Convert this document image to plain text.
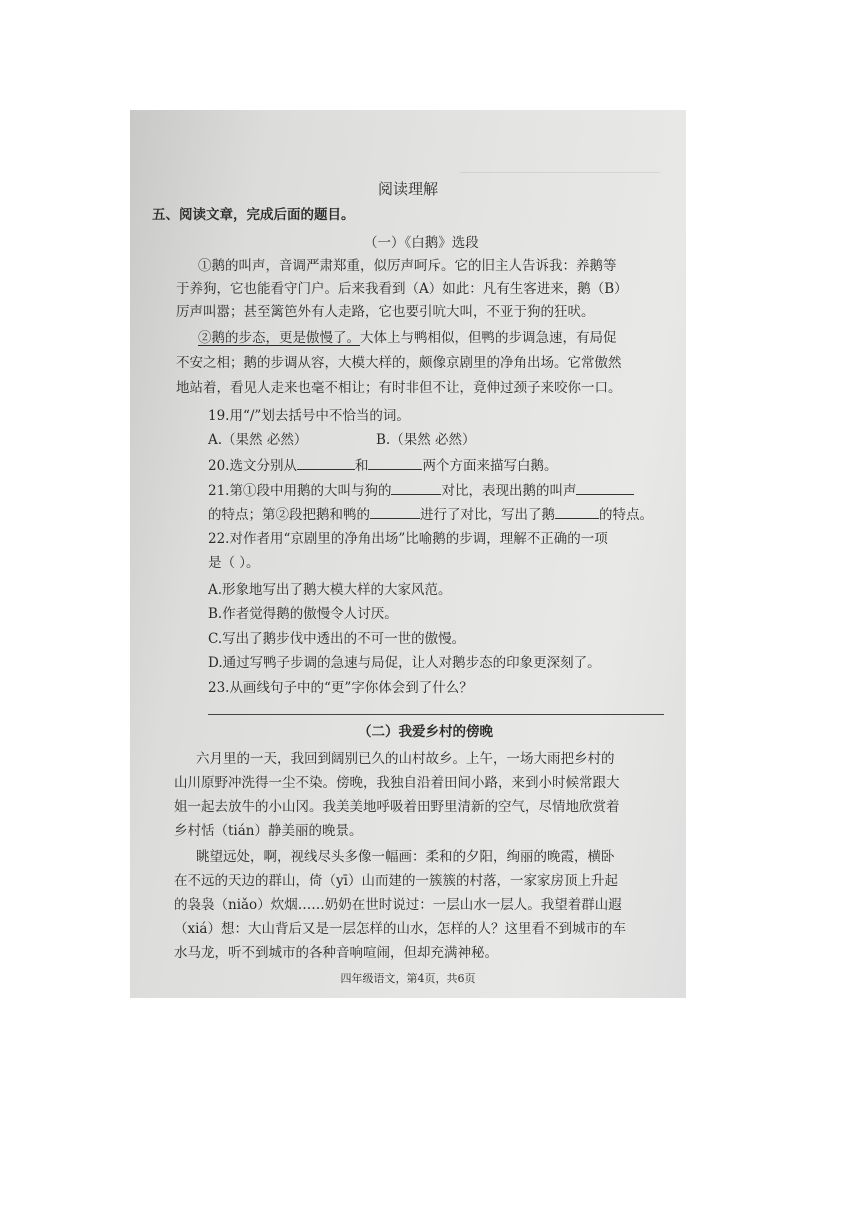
阅读理解
五、阅读文章，完成后面的题目。
（一）《白鹅》选段
①鹅的叫声，音调严肃郑重，似厉声呵斥。它的旧主人告诉我：养鹅等
于养狗，它也能看守门户。后来我看到（A）如此：凡有生客进来，鹅（B）
厉声叫嚣；甚至篱笆外有人走路，它也要引吭大叫，不亚于狗的狂吠。
②鹅的步态，更是傲慢了。大体上与鸭相似，但鸭的步调急速，有局促
不安之相；鹅的步调从容，大模大样的，颇像京剧里的净角出场。它常傲然
地站着，看见人走来也毫不相让；有时非但不让，竟伸过颈子来咬你一口。
19.用“/”划去括号中不恰当的词。
A.（果然 必然）	B.（果然 必然）
20.选文分别从	和	两个方面来描写白鹅。
21.第①段中用鹅的大叫与狗的	对比，表现出鹅的叫声
的特点；第②段把鹅和鸭的	进行了对比，写出了鹅	的特点。
22.对作者用“京剧里的净角出场”比喻鹅的步调，理解不正确的一项
是（ ）。
A.形象地写出了鹅大模大样的大家风范。
B.作者觉得鹅的傲慢令人讨厌。
C.写出了鹅步伐中透出的不可一世的傲慢。
D.通过写鸭子步调的急速与局促，让人对鹅步态的印象更深刻了。
23.从画线句子中的“更”字你体会到了什么？
（二）我爱乡村的傍晚
六月里的一天，我回到阔别已久的山村故乡。上午，一场大雨把乡村的
山川原野冲洗得一尘不染。傍晚，我独自沿着田间小路，来到小时候常跟大
姐一起去放牛的小山冈。我美美地呼吸着田野里清新的空气，尽情地欣赏着
乡村恬（tián）静美丽的晚景。
眺望远处，啊，视线尽头多像一幅画：柔和的夕阳，绚丽的晚霞，横卧
在不远的天边的群山，倚（yī）山而建的一簇簇的村落，一家家房顶上升起
的袅袅（niǎo）炊烟……奶奶在世时说过：一层山水一层人。我望着群山遐
（xiá）想：大山背后又是一层怎样的山水，怎样的人？这里看不到城市的车
水马龙，听不到城市的各种音响喧闹，但却充满神秘。
四年级语文，第4页，共6页
